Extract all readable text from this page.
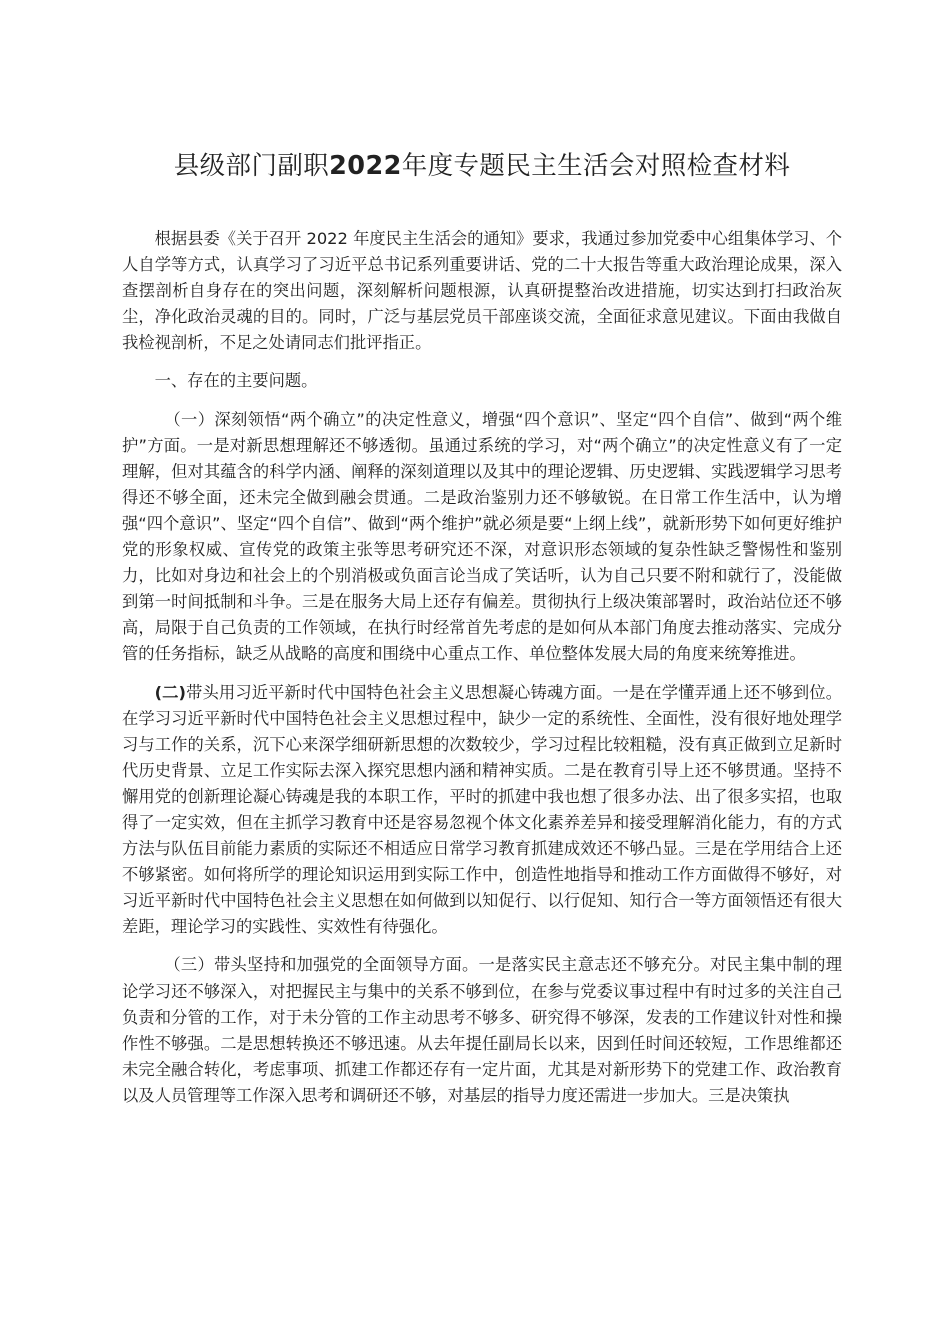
县级部门副职2022年度专题民主生活会对照检查材料

根据县委《关于召开 2022 年度民主生活会的通知》要求，我通过参加党委中心组集体学习、个人自学等方式，认真学习了习近平总书记系列重要讲话、党的二十大报告等重大政治理论成果，深入查摆剖析自身存在的突出问题，深刻解析问题根源，认真研提整治改进措施，切实达到打扫政治灰尘，净化政治灵魂的目的。同时，广泛与基层党员干部座谈交流，全面征求意见建议。下面由我做自我检视剖析，不足之处请同志们批评指正。

一、存在的主要问题。

（一）深刻领悟“两个确立”的决定性意义，增强“四个意识”、坚定“四个自信”、做到“两个维护”方面。一是对新思想理解还不够透彻。虽通过系统的学习，对“两个确立”的决定性意义有了一定理解，但对其蕴含的科学内涵、阐释的深刻道理以及其中的理论逻辑、历史逻辑、实践逻辑学习思考得还不够全面，还未完全做到融会贯通。二是政治鉴别力还不够敏锐。在日常工作生活中，认为增强“四个意识”、坚定“四个自信”、做到“两个维护”就必须是要“上纲上线”，就新形势下如何更好维护党的形象权威、宣传党的政策主张等思考研究还不深，对意识形态领域的复杂性缺乏警惕性和鉴别力，比如对身边和社会上的个别消极或负面言论当成了笑话听，认为自己只要不附和就行了，没能做到第一时间抵制和斗争。三是在服务大局上还存有偏差。贯彻执行上级决策部署时，政治站位还不够高，局限于自己负责的工作领域，在执行时经常首先考虑的是如何从本部门角度去推动落实、完成分管的任务指标，缺乏从战略的高度和围绕中心重点工作、单位整体发展大局的角度来统筹推进。

(二)带头用习近平新时代中国特色社会主义思想凝心铸魂方面。一是在学懂弄通上还不够到位。在学习习近平新时代中国特色社会主义思想过程中，缺少一定的系统性、全面性，没有很好地处理学习与工作的关系，沉下心来深学细研新思想的次数较少，学习过程比较粗糙，没有真正做到立足新时代历史背景、立足工作实际去深入探究思想内涵和精神实质。二是在教育引导上还不够贯通。坚持不懈用党的创新理论凝心铸魂是我的本职工作，平时的抓建中我也想了很多办法、出了很多实招，也取得了一定实效，但在主抓学习教育中还是容易忽视个体文化素养差异和接受理解消化能力，有的方式方法与队伍目前能力素质的实际还不相适应日常学习教育抓建成效还不够凸显。三是在学用结合上还不够紧密。如何将所学的理论知识运用到实际工作中，创造性地指导和推动工作方面做得不够好，对习近平新时代中国特色社会主义思想在如何做到以知促行、以行促知、知行合一等方面领悟还有很大差距，理论学习的实践性、实效性有待强化。

（三）带头坚持和加强党的全面领导方面。一是落实民主意志还不够充分。对民主集中制的理论学习还不够深入，对把握民主与集中的关系不够到位，在参与党委议事过程中有时过多的关注自己负责和分管的工作，对于未分管的工作主动思考不够多、研究得不够深，发表的工作建议针对性和操作性不够强。二是思想转换还不够迅速。从去年提任副局长以来，因到任时间还较短，工作思维都还未完全融合转化，考虑事项、抓建工作都还存有一定片面，尤其是对新形势下的党建工作、政治教育以及人员管理等工作深入思考和调研还不够，对基层的指导力度还需进一步加大。三是决策执
